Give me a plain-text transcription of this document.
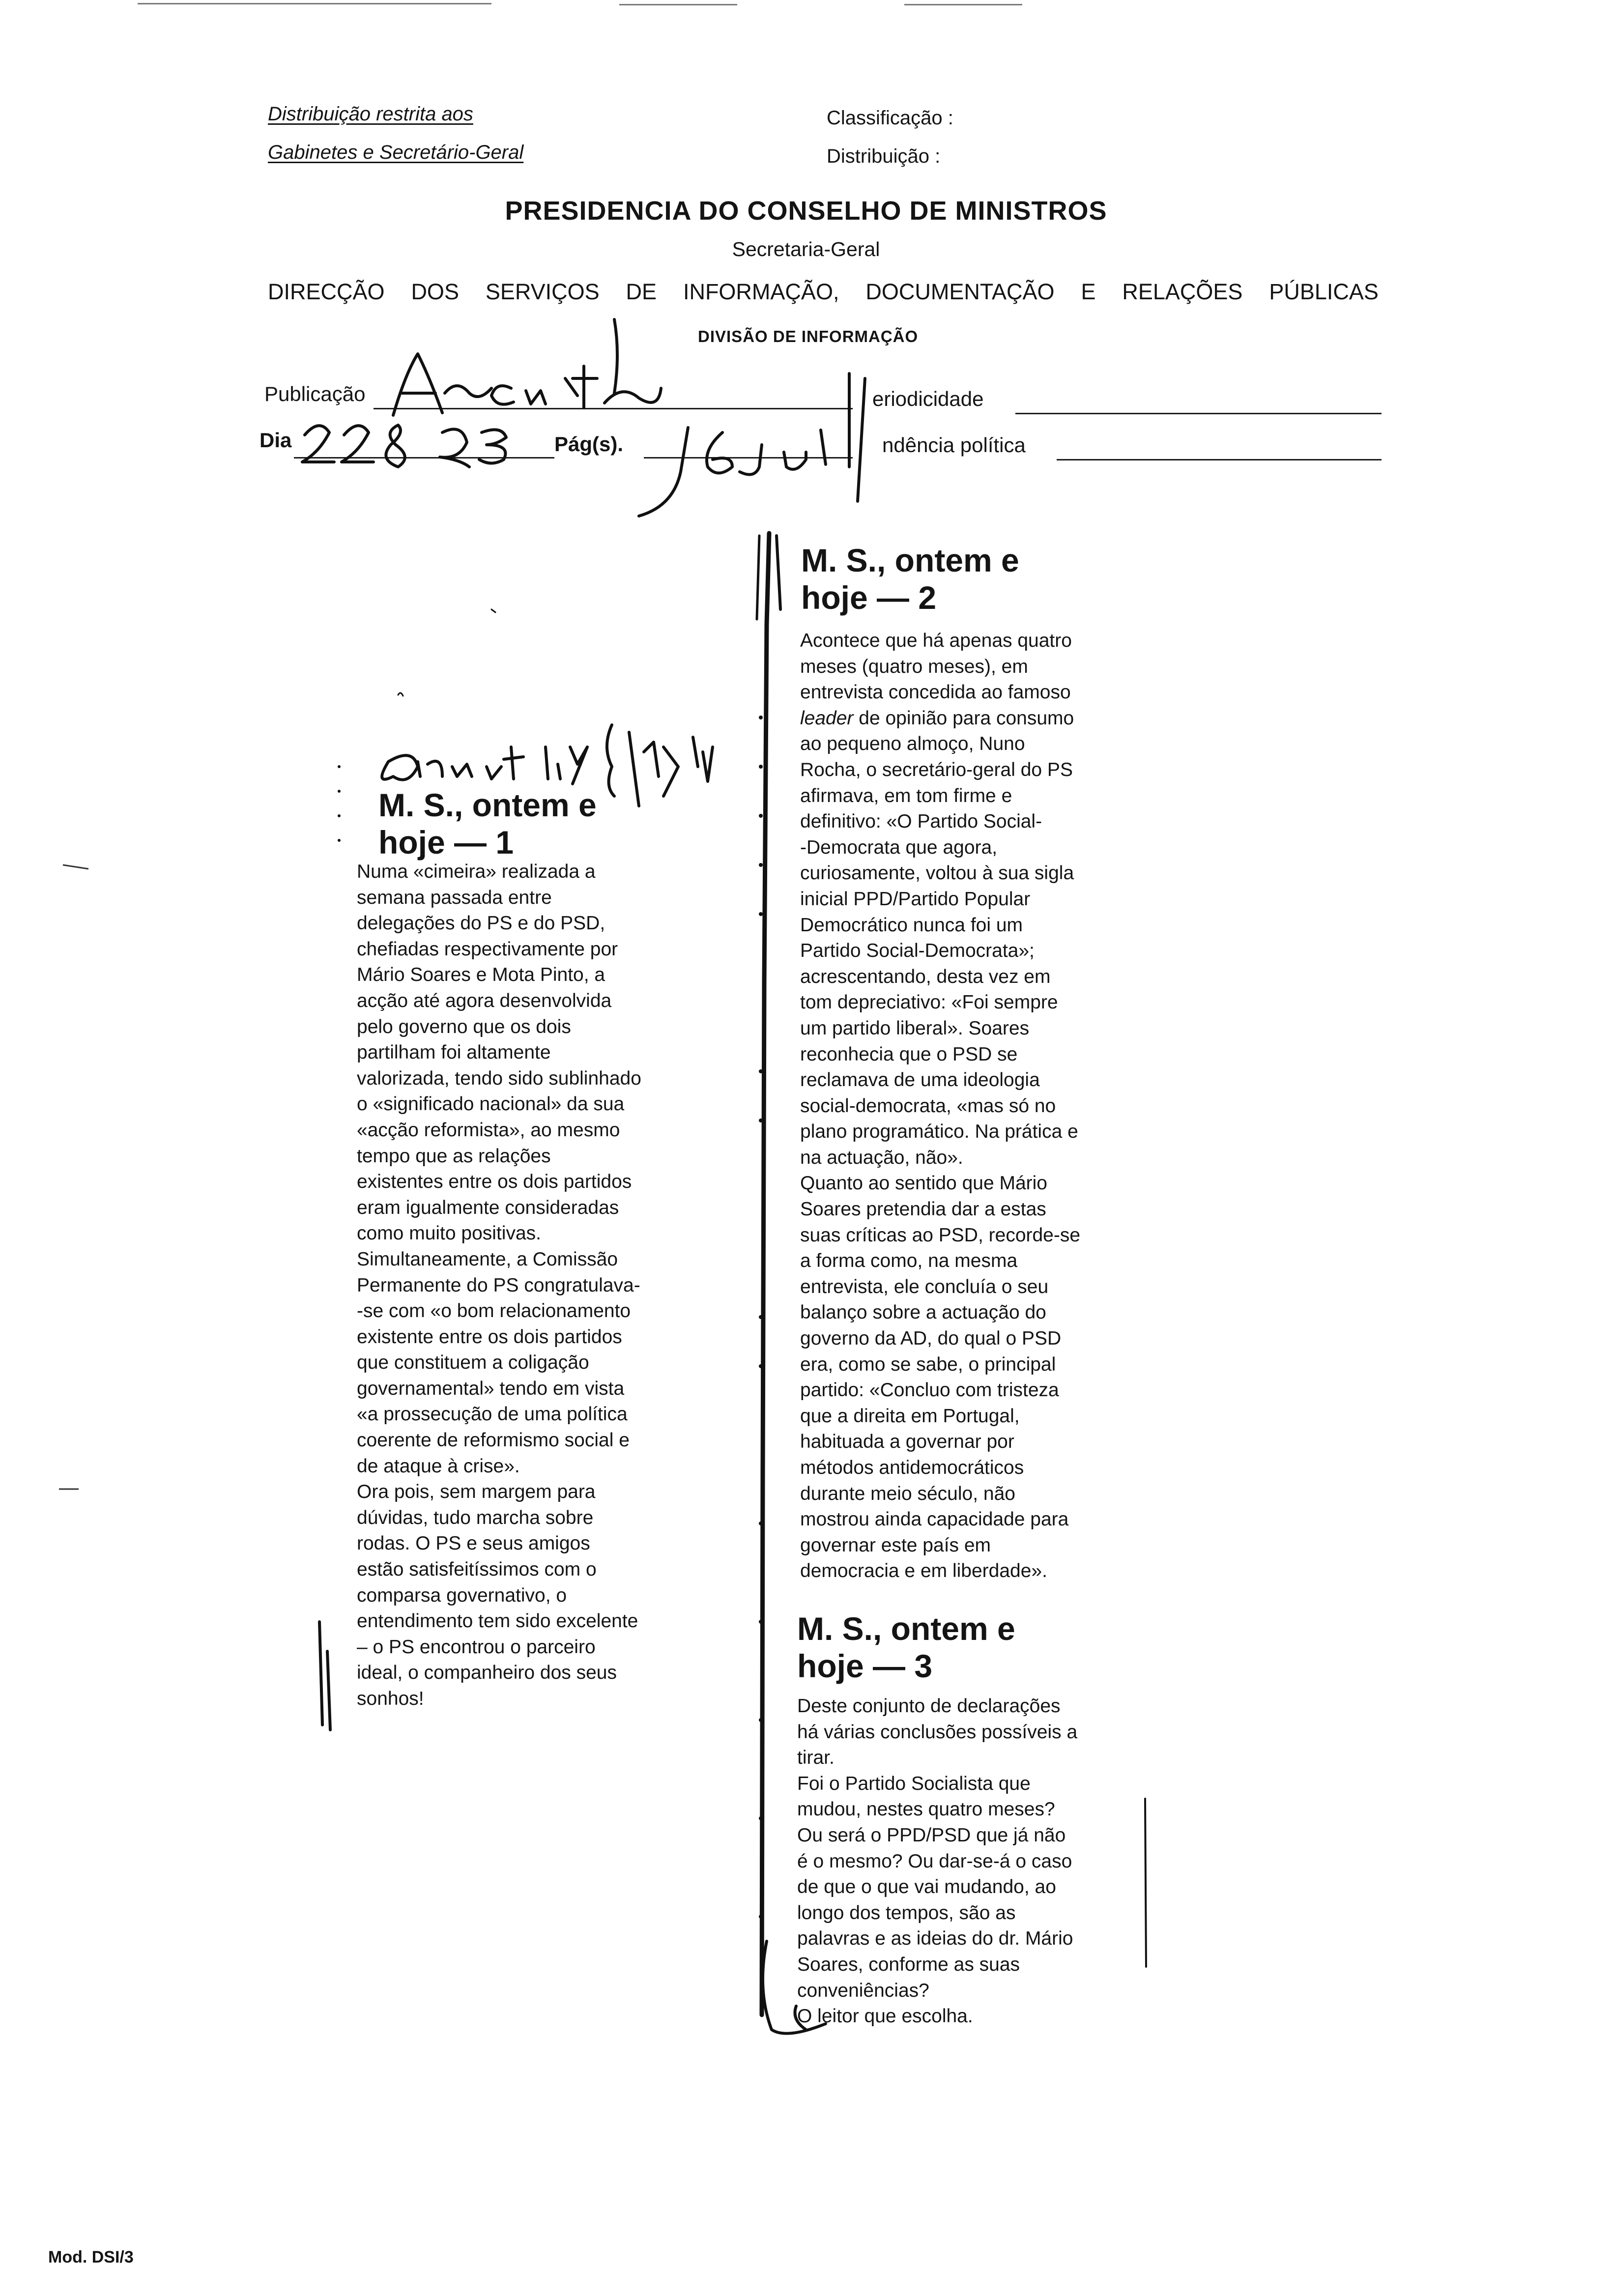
Distribuição restrita aos
Gabinetes e Secretário-Geral
Classificação :
Distribuição :
PRESIDENCIA DO CONSELHO DE MINISTROS
Secretaria-Geral
DIRECÇÃO DOS SERVIÇOS DE INFORMAÇÃO, DOCUMENTAÇÃO E RELAÇÕES PÚBLICAS
DIVISÃO DE INFORMAÇÃO
Publicação
Dia	Pág(s).
eriodicidade
ndência política
M. S., ontem e
hoje — 1
Numa «cimeira» realizada a
semana passada entre
delegações do PS e do PSD,
chefiadas respectivamente por
Mário Soares e Mota Pinto, a
acção até agora desenvolvida
pelo governo que os dois
partilham foi altamente
valorizada, tendo sido sublinhado
o «significado nacional» da sua
«acção reformista», ao mesmo
tempo que as relações
existentes entre os dois partidos
eram igualmente consideradas
como muito positivas.
Simultaneamente, a Comissão
Permanente do PS congratulava-
-se com «o bom relacionamento
existente entre os dois partidos
que constituem a coligação
governamental» tendo em vista
«a prossecução de uma política
coerente de reformismo social e
de ataque à crise».
Ora pois, sem margem para
dúvidas, tudo marcha sobre
rodas. O PS e seus amigos
estão satisfeitíssimos com o
comparsa governativo, o
entendimento tem sido excelente
– o PS encontrou o parceiro
ideal, o companheiro dos seus
sonhos!
M. S., ontem e
hoje — 2
Acontece que há apenas quatro
meses (quatro meses), em
entrevista concedida ao famoso
leader de opinião para consumo
ao pequeno almoço, Nuno
Rocha, o secretário-geral do PS
afirmava, em tom firme e
definitivo: «O Partido Social-
-Democrata que agora,
curiosamente, voltou à sua sigla
inicial PPD/Partido Popular
Democrático nunca foi um
Partido Social-Democrata»;
acrescentando, desta vez em
tom depreciativo: «Foi sempre
um partido liberal». Soares
reconhecia que o PSD se
reclamava de uma ideologia
social-democrata, «mas só no
plano programático. Na prática e
na actuação, não».
Quanto ao sentido que Mário
Soares pretendia dar a estas
suas críticas ao PSD, recorde-se
a forma como, na mesma
entrevista, ele concluía o seu
balanço sobre a actuação do
governo da AD, do qual o PSD
era, como se sabe, o principal
partido: «Concluo com tristeza
que a direita em Portugal,
habituada a governar por
métodos antidemocráticos
durante meio século, não
mostrou ainda capacidade para
governar este país em
democracia e em liberdade».
M. S., ontem e
hoje — 3
Deste conjunto de declarações
há várias conclusões possíveis a
tirar.
Foi o Partido Socialista que
mudou, nestes quatro meses?
Ou será o PPD/PSD que já não
é o mesmo? Ou dar-se-á o caso
de que o que vai mudando, ao
longo dos tempos, são as
palavras e as ideias do dr. Mário
Soares, conforme as suas
conveniências?
O leitor que escolha.
Mod. DSI/3
